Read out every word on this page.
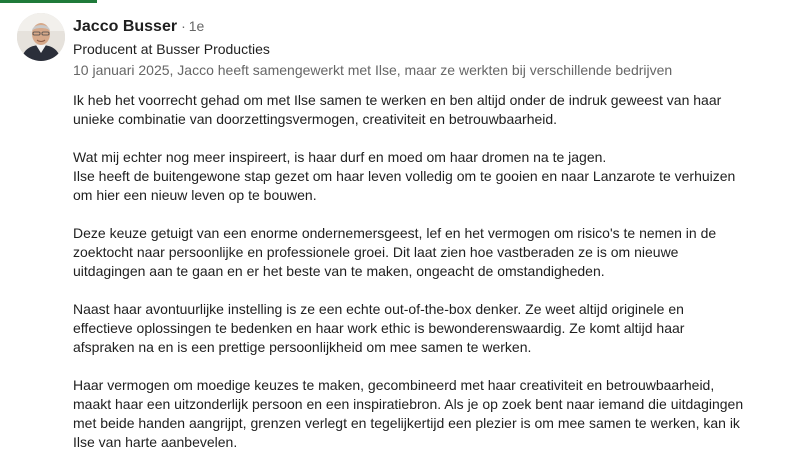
Jacco Busser · 1e
Producent at Busser Producties
10 januari 2025, Jacco heeft samengewerkt met Ilse, maar ze werkten bij verschillende bedrijven

Ik heb het voorrecht gehad om met Ilse samen te werken en ben altijd onder de indruk geweest van haar
unieke combinatie van doorzettingsvermogen, creativiteit en betrouwbaarheid.

Wat mij echter nog meer inspireert, is haar durf en moed om haar dromen na te jagen.
Ilse heeft de buitengewone stap gezet om haar leven volledig om te gooien en naar Lanzarote te verhuizen
om hier een nieuw leven op te bouwen.

Deze keuze getuigt van een enorme ondernemersgeest, lef en het vermogen om risico's te nemen in de
zoektocht naar persoonlijke en professionele groei. Dit laat zien hoe vastberaden ze is om nieuwe
uitdagingen aan te gaan en er het beste van te maken, ongeacht de omstandigheden.

Naast haar avontuurlijke instelling is ze een echte out-of-the-box denker. Ze weet altijd originele en
effectieve oplossingen te bedenken en haar work ethic is bewonderenswaardig. Ze komt altijd haar
afspraken na en is een prettige persoonlijkheid om mee samen te werken.

Haar vermogen om moedige keuzes te maken, gecombineerd met haar creativiteit en betrouwbaarheid,
maakt haar een uitzonderlijk persoon en een inspiratiebron. Als je op zoek bent naar iemand die uitdagingen
met beide handen aangrijpt, grenzen verlegt en tegelijkertijd een plezier is om mee samen te werken, kan ik
Ilse van harte aanbevelen.
